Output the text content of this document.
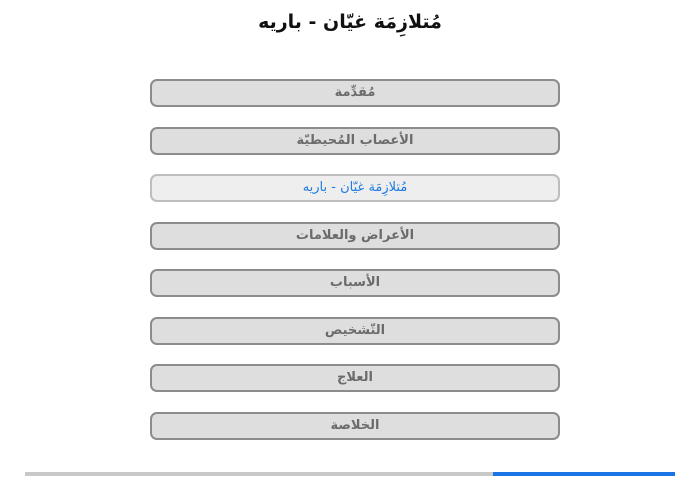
مُتلازِمَة غيّان - باريه
مُقدِّمة
الأعصاب المُحيطيّة
مُتلازِمَة غيّان - باريه
الأعراض والعلامات
الأسباب
التّشخيص
العلاج
الخلاصة
